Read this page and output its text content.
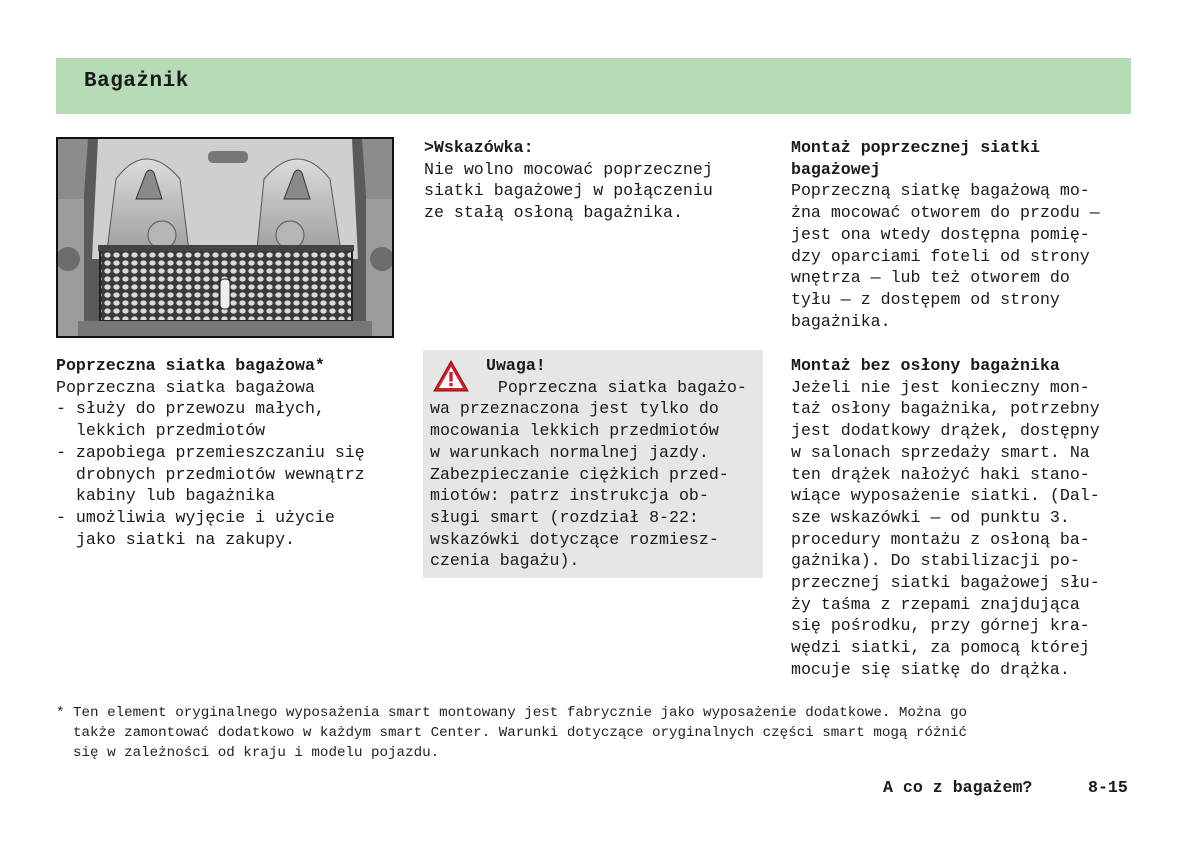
Bagażnik
>Wskazówka:
Nie wolno mocować poprzecznej
siatki bagażowej w połączeniu
ze stałą osłoną bagażnika.
Montaż poprzecznej siatki
bagażowej
Poprzeczną siatkę bagażową mo-
żna mocować otworem do przodu —
jest ona wtedy dostępna pomię-
dzy oparciami foteli od strony
wnętrza — lub też otworem do
tyłu — z dostępem od strony
bagażnika.
Poprzeczna siatka bagażowa*
Poprzeczna siatka bagażowa
- służy do przewozu małych,
lekkich przedmiotów
- zapobiega przemieszczaniu się
drobnych przedmiotów wewnątrz
kabiny lub bagażnika
- umożliwia wyjęcie i użycie
jako siatki na zakupy.
Uwaga!
Poprzeczna siatka bagażo-
wa przeznaczona jest tylko do
mocowania lekkich przedmiotów
w warunkach normalnej jazdy.
Zabezpieczanie ciężkich przed-
miotów: patrz instrukcja ob-
sługi smart (rozdział 8-22:
wskazówki dotyczące rozmiesz-
czenia bagażu).
Montaż bez osłony bagażnika
Jeżeli nie jest konieczny mon-
taż osłony bagażnika, potrzebny
jest dodatkowy drążek, dostępny
w salonach sprzedaży smart. Na
ten drążek nałożyć haki stano-
wiące wyposażenie siatki. (Dal-
sze wskazówki — od punktu 3.
procedury montażu z osłoną ba-
gażnika). Do stabilizacji po-
przecznej siatki bagażowej słu-
ży taśma z rzepami znajdująca
się pośrodku, przy górnej kra-
wędzi siatki, za pomocą której
mocuje się siatkę do drążka.
* Ten element oryginalnego wyposażenia smart montowany jest fabrycznie jako wyposażenie dodatkowe. Można go
także zamontować dodatkowo w każdym smart Center. Warunki dotyczące oryginalnych części smart mogą różnić
się w zależności od kraju i modelu pojazdu.
A co z bagażem?	8-15
